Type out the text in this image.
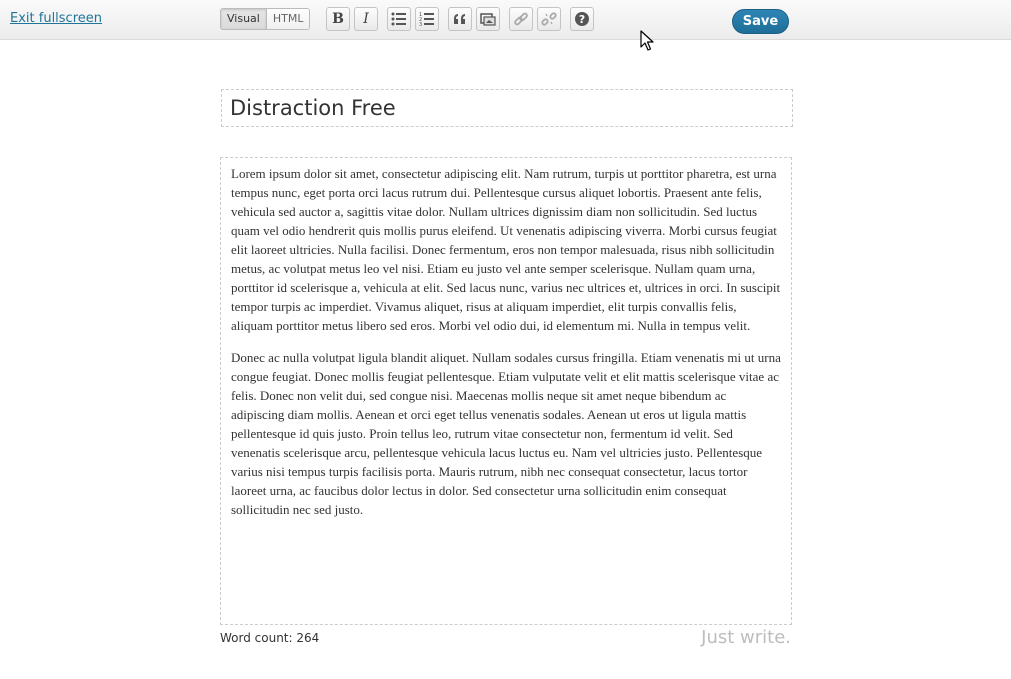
Exit fullscreen	Visual	HTML	B I	1
2
3	?	Save
Distraction Free

Lorem ipsum dolor sit amet, consectetur adipiscing elit. Nam rutrum, turpis ut porttitor pharetra, est urna tempus nunc, eget porta orci lacus rutrum dui. Pellentesque cursus aliquet lobortis. Praesent ante felis, vehicula sed auctor a, sagittis vitae dolor. Nullam ultrices dignissim diam non sollicitudin. Sed luctus quam vel odio hendrerit quis mollis purus eleifend. Ut venenatis adipiscing viverra. Morbi cursus feugiat elit laoreet ultricies. Nulla facilisi. Donec fermentum, eros non tempor malesuada, risus nibh sollicitudin metus, ac volutpat metus leo vel nisi. Etiam eu justo vel ante semper scelerisque. Nullam quam urna, porttitor id scelerisque a, vehicula at elit. Sed lacus nunc, varius nec ultrices et, ultrices in orci. In suscipit tempor turpis ac imperdiet. Vivamus aliquet, risus at aliquam imperdiet, elit turpis convallis felis, aliquam porttitor metus libero sed eros. Morbi vel odio dui, id elementum mi. Nulla in tempus velit.

Donec ac nulla volutpat ligula blandit aliquet. Nullam sodales cursus fringilla. Etiam venenatis mi ut urna congue feugiat. Donec mollis feugiat pellentesque. Etiam vulputate velit et elit mattis scelerisque vitae ac felis. Donec non velit dui, sed congue nisi. Maecenas mollis neque sit amet neque bibendum ac adipiscing diam mollis. Aenean et orci eget tellus venenatis sodales. Aenean ut eros ut ligula mattis pellentesque id quis justo. Proin tellus leo, rutrum vitae consectetur non, fermentum id velit. Sed venenatis scelerisque arcu, pellentesque vehicula lacus luctus eu. Nam vel ultricies justo. Pellentesque varius nisi tempus turpis facilisis porta. Mauris rutrum, nibh nec consequat consectetur, lacus tortor laoreet urna, ac faucibus dolor lectus in dolor. Sed consectetur urna sollicitudin enim consequat sollicitudin nec sed justo.

Word count: 264	Just write.
